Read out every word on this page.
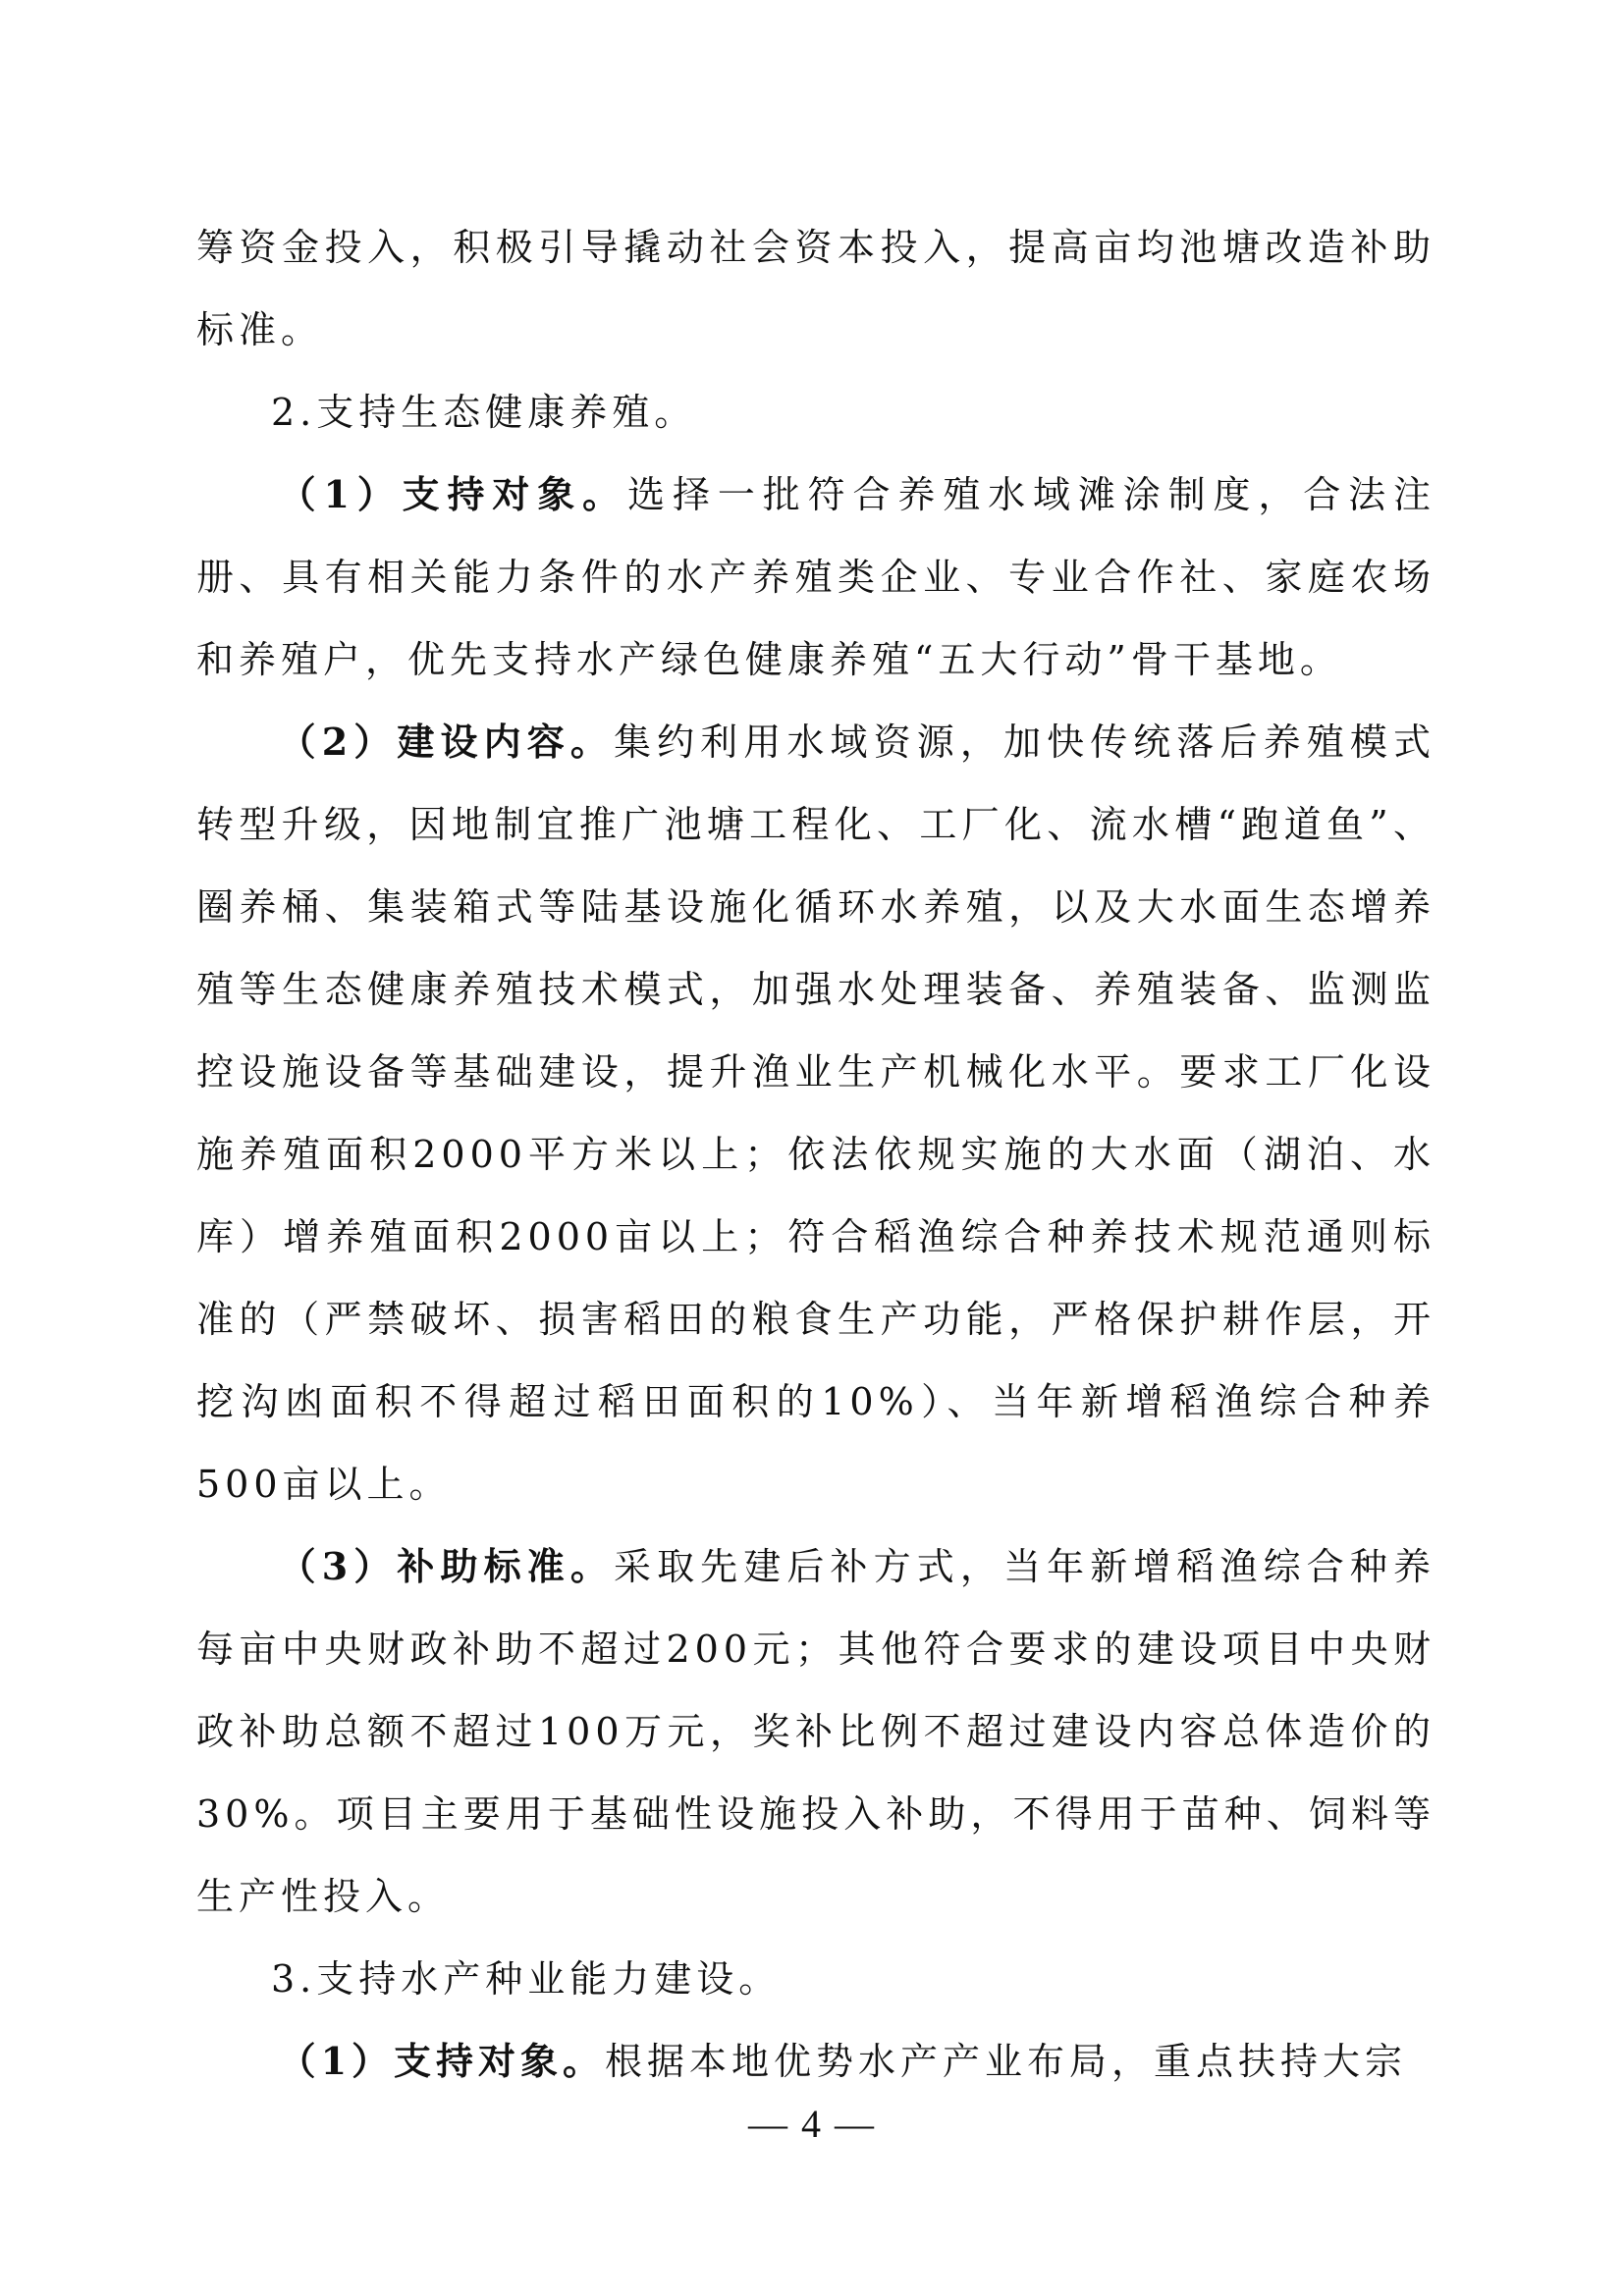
筹资金投入，积极引导撬动社会资本投入，提高亩均池塘改造补助标准。

2.支持生态健康养殖。

（1）支持对象。选择一批符合养殖水域滩涂制度，合法注册、具有相关能力条件的水产养殖类企业、专业合作社、家庭农场和养殖户，优先支持水产绿色健康养殖“五大行动”骨干基地。

（2）建设内容。集约利用水域资源，加快传统落后养殖模式转型升级，因地制宜推广池塘工程化、工厂化、流水槽“跑道鱼”、圈养桶、集装箱式等陆基设施化循环水养殖，以及大水面生态增养殖等生态健康养殖技术模式，加强水处理装备、养殖装备、监测监控设施设备等基础建设，提升渔业生产机械化水平。要求工厂化设施养殖面积2000平方米以上；依法依规实施的大水面（湖泊、水库）增养殖面积2000亩以上；符合稻渔综合种养技术规范通则标准的（严禁破坏、损害稻田的粮食生产功能，严格保护耕作层，开挖沟凼面积不得超过稻田面积的10%）、当年新增稻渔综合种养500亩以上。

（3）补助标准。采取先建后补方式，当年新增稻渔综合种养每亩中央财政补助不超过200元；其他符合要求的建设项目中央财政补助总额不超过100万元，奖补比例不超过建设内容总体造价的30%。项目主要用于基础性设施投入补助，不得用于苗种、饲料等生产性投入。

3.支持水产种业能力建设。

（1）支持对象。根据本地优势水产产业布局，重点扶持大宗

— 4 —
